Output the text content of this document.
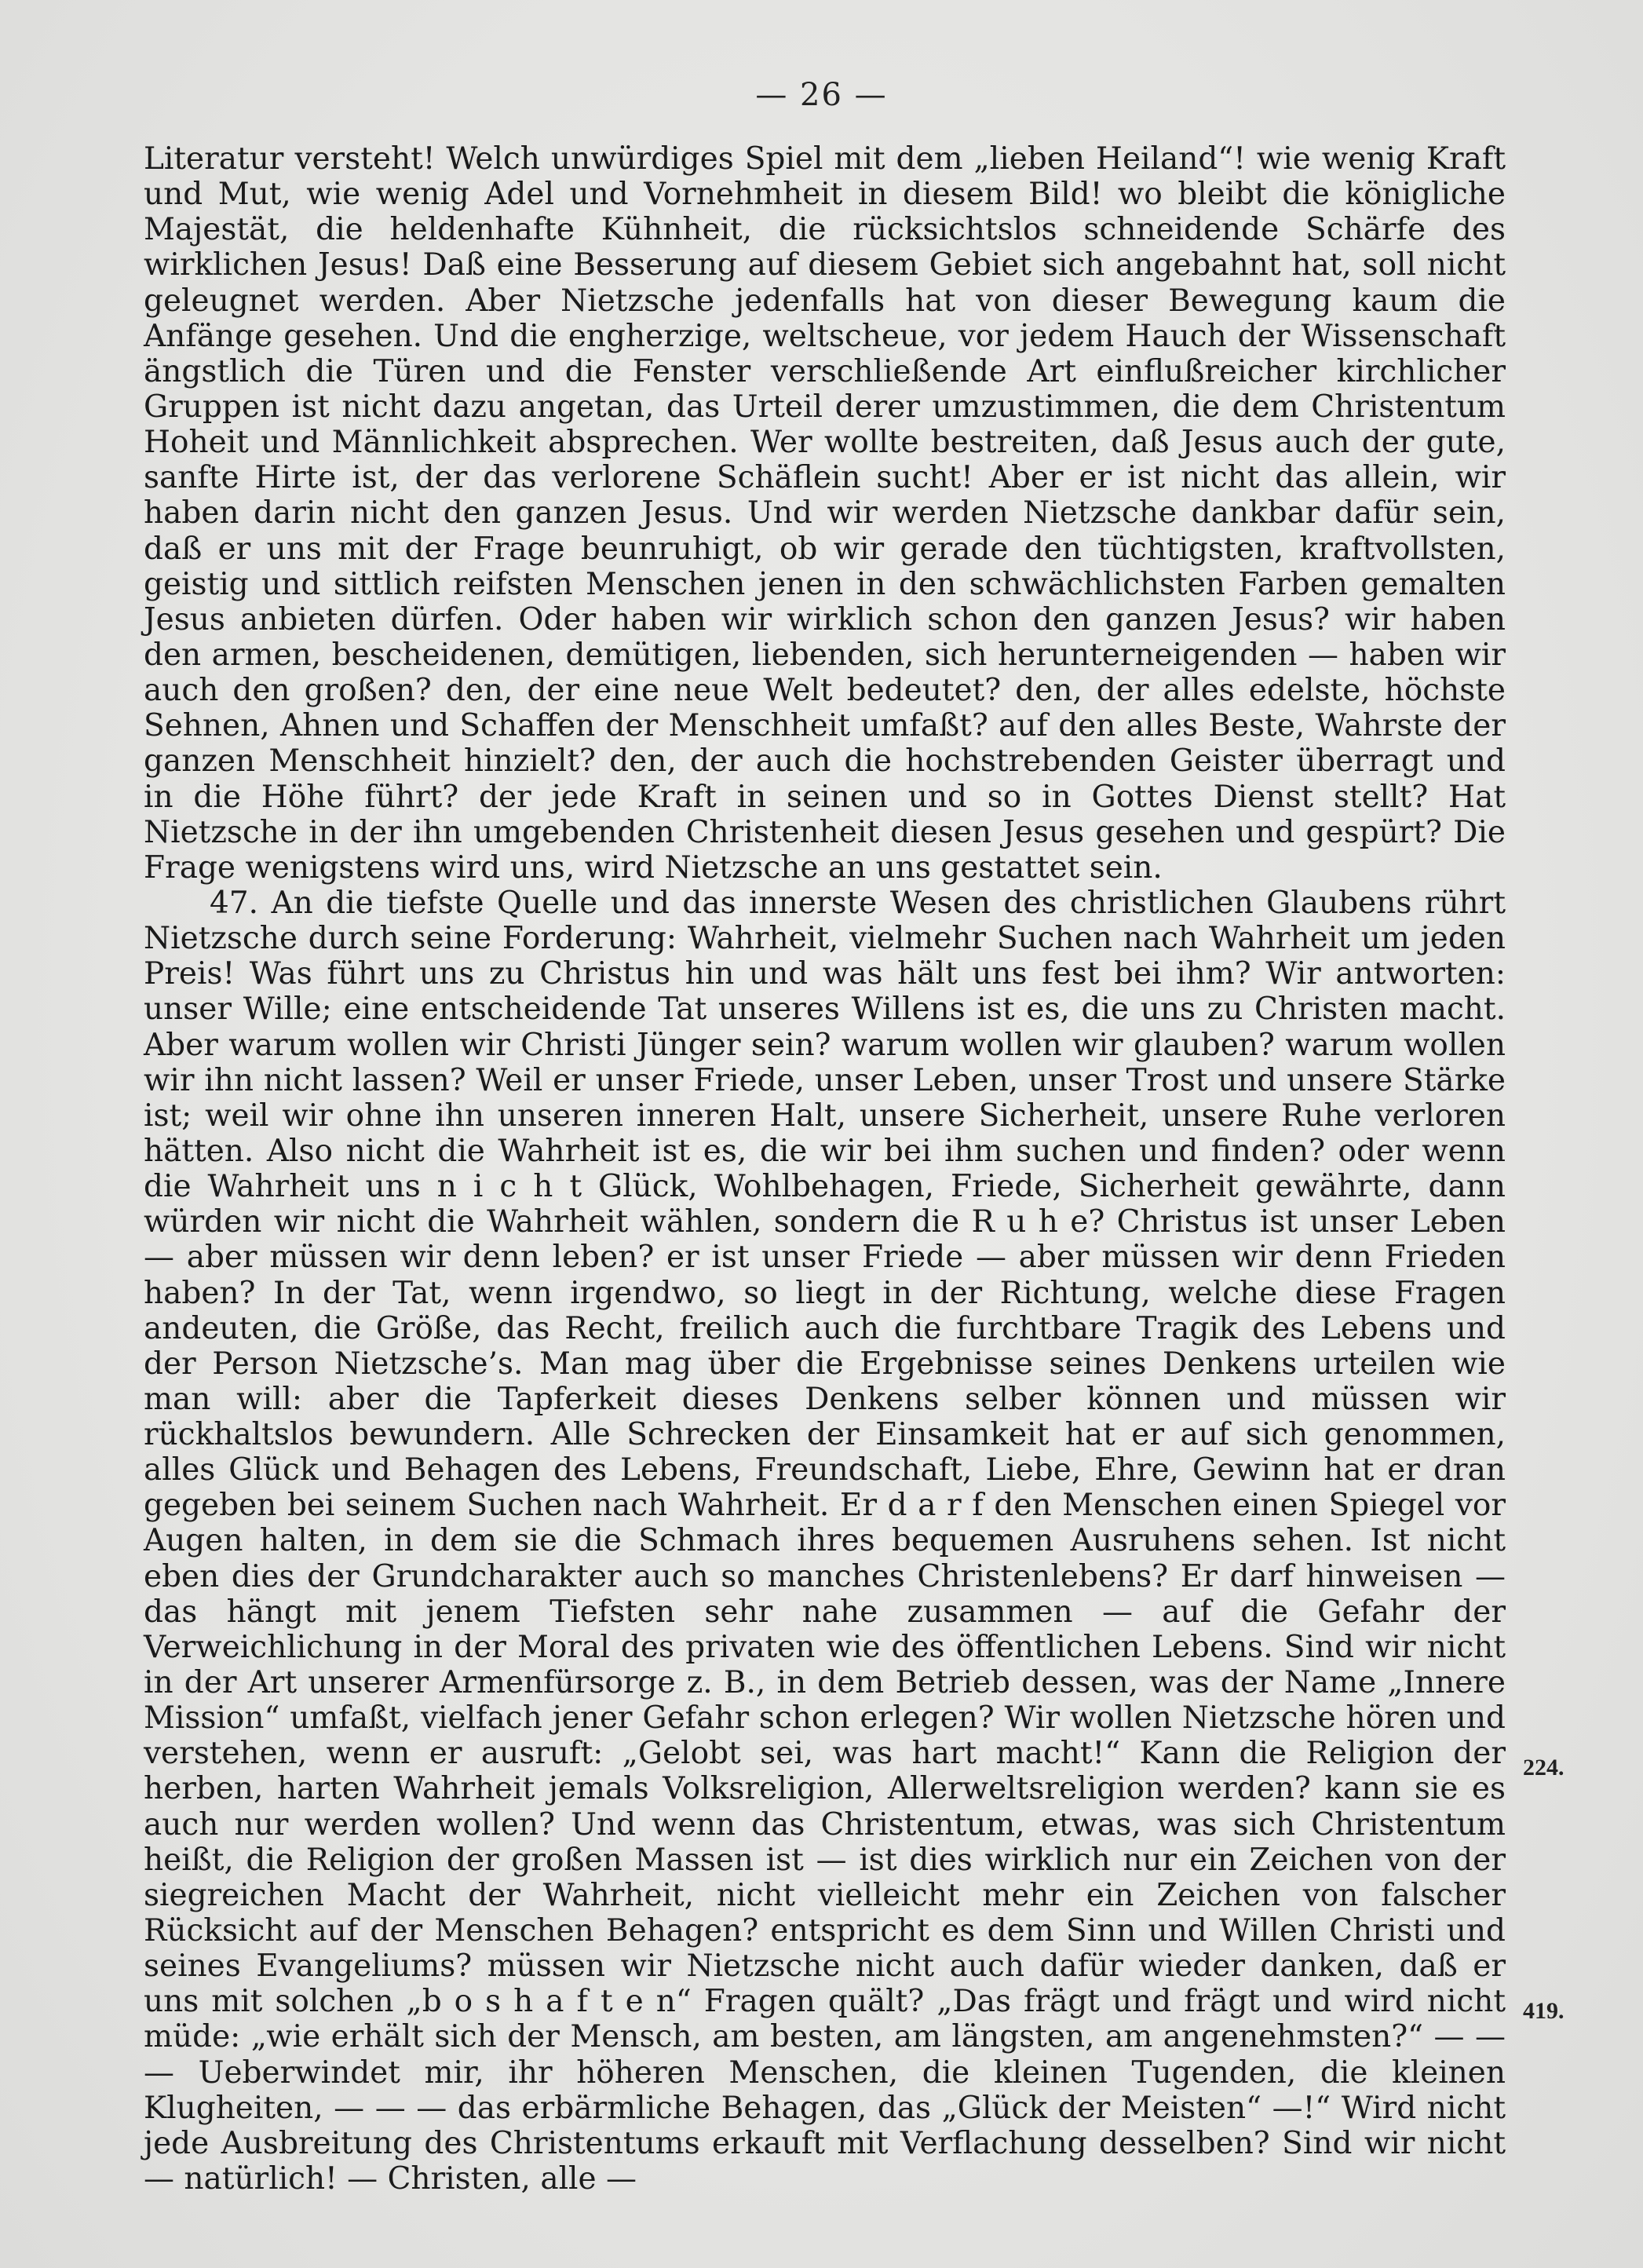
— 26 —

Literatur versteht! Welch unwürdiges Spiel mit dem „lieben Heiland“! wie wenig Kraft und Mut, wie wenig Adel und Vornehmheit in diesem Bild! wo bleibt die königliche Majestät, die heldenhafte Kühnheit, die rücksichtslos schneidende Schärfe des wirklichen Jesus! Daß eine Besserung auf diesem Gebiet sich angebahnt hat, soll nicht geleugnet werden. Aber Nietzsche jedenfalls hat von dieser Bewegung kaum die Anfänge gesehen. Und die engherzige, weltscheue, vor jedem Hauch der Wissenschaft ängstlich die Türen und die Fenster verschließende Art einflußreicher kirchlicher Gruppen ist nicht dazu angetan, das Urteil derer umzustimmen, die dem Christentum Hoheit und Männlichkeit absprechen. Wer wollte bestreiten, daß Jesus auch der gute, sanfte Hirte ist, der das verlorene Schäflein sucht! Aber er ist nicht das allein, wir haben darin nicht den ganzen Jesus. Und wir werden Nietzsche dankbar dafür sein, daß er uns mit der Frage beunruhigt, ob wir gerade den tüchtigsten, kraftvollsten, geistig und sittlich reifsten Menschen jenen in den schwächlichsten Farben gemalten Jesus anbieten dürfen. Oder haben wir wirklich schon den ganzen Jesus? wir haben den armen, bescheidenen, demütigen, liebenden, sich herunterneigenden — haben wir auch den großen? den, der eine neue Welt bedeutet? den, der alles edelste, höchste Sehnen, Ahnen und Schaffen der Menschheit umfaßt? auf den alles Beste, Wahrste der ganzen Menschheit hinzielt? den, der auch die hochstrebenden Geister überragt und in die Höhe führt? der jede Kraft in seinen und so in Gottes Dienst stellt? Hat Nietzsche in der ihn umgebenden Christenheit diesen Jesus gesehen und gespürt? Die Frage wenigstens wird uns, wird Nietzsche an uns gestattet sein.

47. An die tiefste Quelle und das innerste Wesen des christlichen Glaubens rührt Nietzsche durch seine Forderung: Wahrheit, vielmehr Suchen nach Wahrheit um jeden Preis! Was führt uns zu Christus hin und was hält uns fest bei ihm? Wir antworten: unser Wille; eine entscheidende Tat unseres Willens ist es, die uns zu Christen macht. Aber warum wollen wir Christi Jünger sein? warum wollen wir glauben? warum wollen wir ihn nicht lassen? Weil er unser Friede, unser Leben, unser Trost und unsere Stärke ist; weil wir ohne ihn unseren inneren Halt, unsere Sicherheit, unsere Ruhe verloren hätten. Also nicht die Wahrheit ist es, die wir bei ihm suchen und finden? oder wenn die Wahrheit uns n i c h t Glück, Wohlbehagen, Friede, Sicherheit gewährte, dann würden wir nicht die Wahrheit wählen, sondern die R u h e? Christus ist unser Leben — aber müssen wir denn leben? er ist unser Friede — aber müssen wir denn Frieden haben? In der Tat, wenn irgendwo, so liegt in der Richtung, welche diese Fragen andeuten, die Größe, das Recht, freilich auch die furchtbare Tragik des Lebens und der Person Nietzsche’s. Man mag über die Ergebnisse seines Denkens urteilen wie man will: aber die Tapferkeit dieses Denkens selber können und müssen wir rückhaltslos bewundern. Alle Schrecken der Einsamkeit hat er auf sich genommen, alles Glück und Behagen des Lebens, Freundschaft, Liebe, Ehre, Gewinn hat er dran gegeben bei seinem Suchen nach Wahrheit. Er d a r f den Menschen einen Spiegel vor Augen halten, in dem sie die Schmach ihres bequemen Ausruhens sehen. Ist nicht eben dies der Grundcharakter auch so manches Christenlebens? Er darf hinweisen — das hängt mit jenem Tiefsten sehr nahe zusammen — auf die Gefahr der Verweichlichung in der Moral des privaten wie des öffentlichen Lebens. Sind wir nicht in der Art unserer Armenfürsorge z. B., in dem Betrieb dessen, was der Name „Innere Mission“ umfaßt, vielfach jener Gefahr schon erlegen? Wir wollen Nietzsche hören und verstehen, wenn er ausruft: „Gelobt sei, was hart macht!“ Kann die Religion der herben, harten Wahrheit jemals Volksreligion, Allerweltsreligion werden? kann sie es auch nur werden wollen? Und wenn das Christentum, etwas, was sich Christentum heißt, die Religion der großen Massen ist — ist dies wirklich nur ein Zeichen von der siegreichen Macht der Wahrheit, nicht vielleicht mehr ein Zeichen von falscher Rücksicht auf der Menschen Behagen? entspricht es dem Sinn und Willen Christi und seines Evangeliums? müssen wir Nietzsche nicht auch dafür wieder danken, daß er uns mit solchen „b o s h a f t e n“ Fragen quält? „Das frägt und frägt und wird nicht müde: „wie erhält sich der Mensch, am besten, am längsten, am angenehmsten?“ — — — Ueberwindet mir, ihr höheren Menschen, die kleinen Tugenden, die kleinen Klugheiten, — — — das erbärmliche Behagen, das „Glück der Meisten“ —!“ Wird nicht jede Ausbreitung des Christentums erkauft mit Verflachung desselben? Sind wir nicht — natürlich! — Christen, alle —

224.
419.
